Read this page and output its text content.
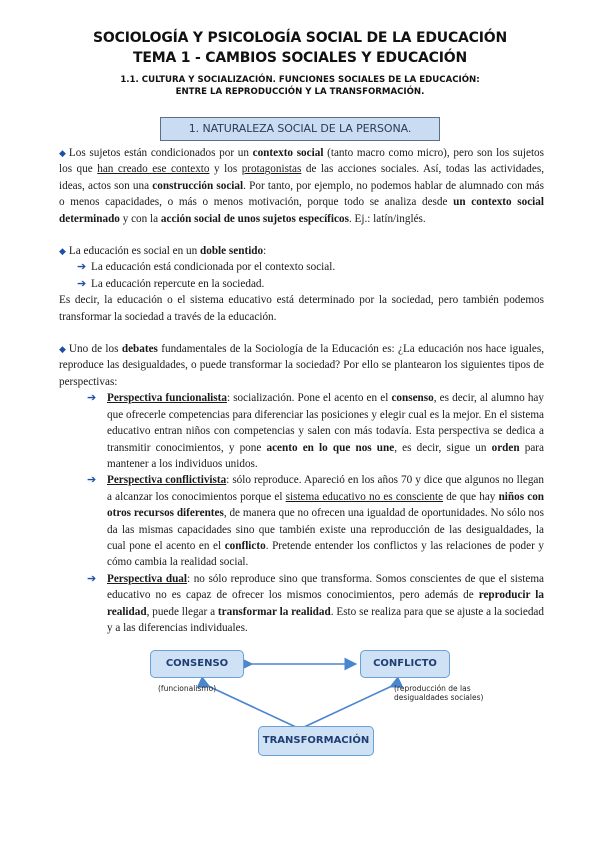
SOCIOLOGÍA Y PSICOLOGÍA SOCIAL DE LA EDUCACIÓN
TEMA 1 - CAMBIOS SOCIALES Y EDUCACIÓN
1.1. CULTURA Y SOCIALIZACIÓN. FUNCIONES SOCIALES DE LA EDUCACIÓN:
ENTRE LA REPRODUCCIÓN Y LA TRANSFORMACIÓN.
1. NATURALEZA SOCIAL DE LA PERSONA.

◆ Los sujetos están condicionados por un contexto social (tanto macro como micro), pero son los sujetos los que han creado ese contexto y los protagonistas de las acciones sociales. Así, todas las actividades, ideas, actos son una construcción social. Por tanto, por ejemplo, no podemos hablar de alumnado con más o menos capacidades, o más o menos motivación, porque todo se analiza desde un contexto social determinado y con la acción social de unos sujetos específicos. Ej.: latín/inglés.

◆ La educación es social en un doble sentido:

➔ La educación está condicionada por el contexto social.
➔ La educación repercute en la sociedad.

Es decir, la educación o el sistema educativo está determinado por la sociedad, pero también podemos transformar la sociedad a través de la educación.

◆ Uno de los debates fundamentales de la Sociología de la Educación es: ¿La educación nos hace iguales, reproduce las desigualdades, o puede transformar la sociedad? Por ello se plantearon los siguientes tipos de perspectivas:

➔ Perspectiva funcionalista: socialización. Pone el acento en el consenso, es decir, al alumno hay que ofrecerle competencias para diferenciar las posiciones y elegir cual es la mejor. En el sistema educativo entran niños con competencias y salen con más todavía. Esta perspectiva se dedica a transmitir conocimientos, y pone acento en lo que nos une, es decir, sigue un orden para mantener a los individuos unidos.
➔ Perspectiva conflictivista: sólo reproduce. Apareció en los años 70 y dice que algunos no llegan a alcanzar los conocimientos porque el sistema educativo no es consciente de que hay niños con otros recursos diferentes, de manera que no ofrecen una igualdad de oportunidades. No sólo nos da las mismas capacidades sino que también existe una reproducción de las desigualdades, la cual pone el acento en el conflicto. Pretende entender los conflictos y las relaciones de poder y cómo cambia la realidad social.
➔ Perspectiva dual: no sólo reproduce sino que transforma. Somos conscientes de que el sistema educativo no es capaz de ofrecer los mismos conocimientos, pero además de reproducir la realidad, puede llegar a transformar la realidad. Esto se realiza para que se ajuste a la sociedad y a las diferencias individuales.
CONSENSO	CONFLICTO
TRANSFORMACIÓN
(funcionalismo)	(reproducción de las
desigualdades sociales)
